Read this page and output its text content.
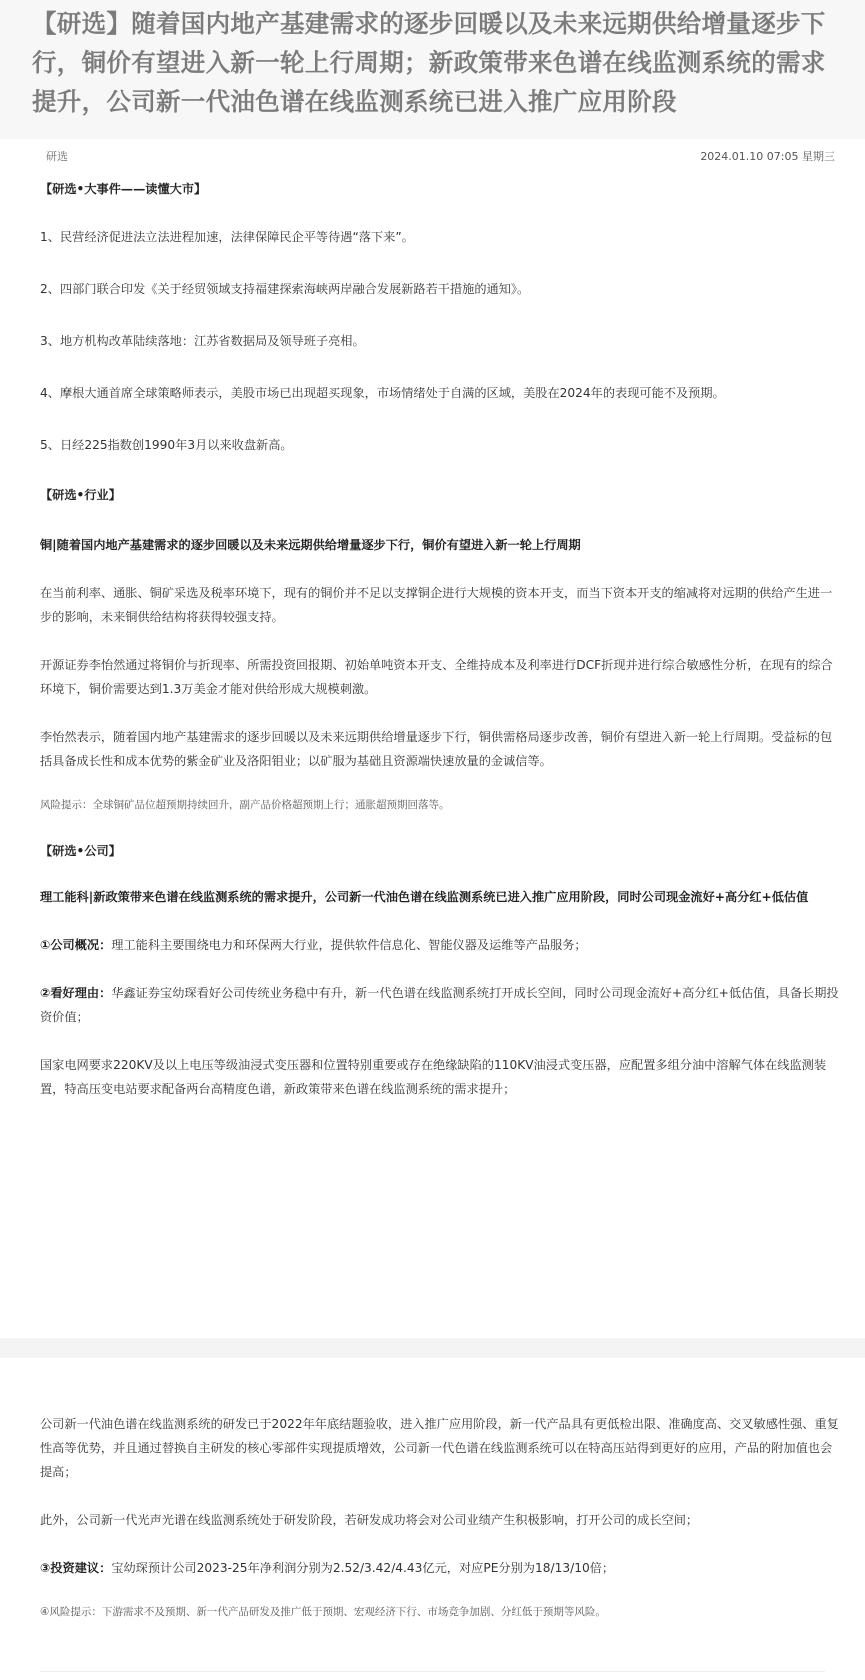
【研选】随着国内地产基建需求的逐步回暖以及未来远期供给增量逐步下行，铜价有望进入新一轮上行周期；新政策带来色谱在线监测系统的需求提升，公司新一代油色谱在线监测系统已进入推广应用阶段
研选	2024.01.10 07:05 星期三

【研选•大事件——读懂大市】

1、民营经济促进法立法进程加速，法律保障民企平等待遇“落下来”。

2、四部门联合印发《关于经贸领域支持福建探索海峡两岸融合发展新路若干措施的通知》。

3、地方机构改革陆续落地：江苏省数据局及领导班子亮相。

4、摩根大通首席全球策略师表示，美股市场已出现超买现象，市场情绪处于自满的区域，美股在2024年的表现可能不及预期。

5、日经225指数创1990年3月以来收盘新高。

【研选•行业】

铜|随着国内地产基建需求的逐步回暖以及未来远期供给增量逐步下行，铜价有望进入新一轮上行周期

在当前利率、通胀、铜矿采选及税率环境下，现有的铜价并不足以支撑铜企进行大规模的资本开支，而当下资本开支的缩减将对远期的供给产生进一步的影响，未来铜供给结构将获得较强支持。

开源证券李怡然通过将铜价与折现率、所需投资回报期、初始单吨资本开支、全维持成本及利率进行DCF折现并进行综合敏感性分析，在现有的综合环境下，铜价需要达到1.3万美金才能对供给形成大规模刺激。

李怡然表示，随着国内地产基建需求的逐步回暖以及未来远期供给增量逐步下行，铜供需格局逐步改善，铜价有望进入新一轮上行周期。受益标的包括具备成长性和成本优势的紫金矿业及洛阳钼业；以矿服为基础且资源端快速放量的金诚信等。

风险提示：全球铜矿品位超预期持续回升，副产品价格超预期上行；通胀超预期回落等。

【研选•公司】

理工能科|新政策带来色谱在线监测系统的需求提升，公司新一代油色谱在线监测系统已进入推广应用阶段，同时公司现金流好+高分红+低估值

①公司概况：理工能科主要围绕电力和环保两大行业，提供软件信息化、智能仪器及运维等产品服务；

②看好理由：华鑫证券宝幼琛看好公司传统业务稳中有升，新一代色谱在线监测系统打开成长空间，同时公司现金流好+高分红+低估值，具备长期投资价值；

国家电网要求220KV及以上电压等级油浸式变压器和位置特别重要或存在绝缘缺陷的110KV油浸式变压器，应配置多组分油中溶解气体在线监测装置，特高压变电站要求配备两台高精度色谱，新政策带来色谱在线监测系统的需求提升；

公司新一代油色谱在线监测系统的研发已于2022年年底结题验收，进入推广应用阶段，新一代产品具有更低检出限、准确度高、交叉敏感性强、重复性高等优势，并且通过替换自主研发的核心零部件实现提质增效，公司新一代色谱在线监测系统可以在特高压站得到更好的应用，产品的附加值也会提高；

此外，公司新一代光声光谱在线监测系统处于研发阶段，若研发成功将会对公司业绩产生积极影响，打开公司的成长空间；

③投资建议：宝幼琛预计公司2023-25年净利润分别为2.52/3.42/4.43亿元，对应PE分别为18/13/10倍；

④风险提示：下游需求不及预期、新一代产品研发及推广低于预期、宏观经济下行、市场竞争加剧、分红低于预期等风险。
